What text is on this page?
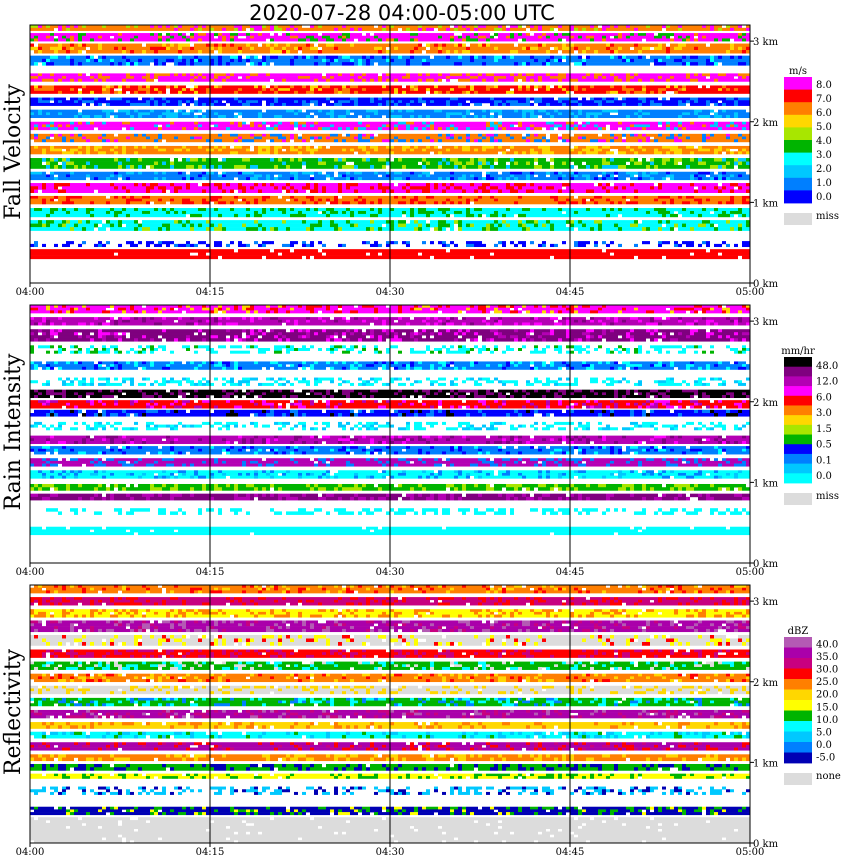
2020-07-28 04:00-05:00 UTC
04:00	04:15	04:30	04:45	05:00
0 km
1 km
2 km
3 km
Fall Velocity
m/s
8.0
7.0
6.0
5.0
4.0
3.0
2.0
1.0
0.0
miss
04:00	04:15	04:30	04:45	05:00
0 km
1 km
2 km
3 km
Rain Intensity
mm/hr
48.0
12.0
6.0
3.0
1.5
0.5
0.1
0.0
miss
04:00	04:15	04:30	04:45	05:00
0 km
1 km
2 km
3 km
Reflectivity
dBZ
40.0
35.0
30.0
25.0
20.0
15.0
10.0
5.0
0.0
-5.0
none
